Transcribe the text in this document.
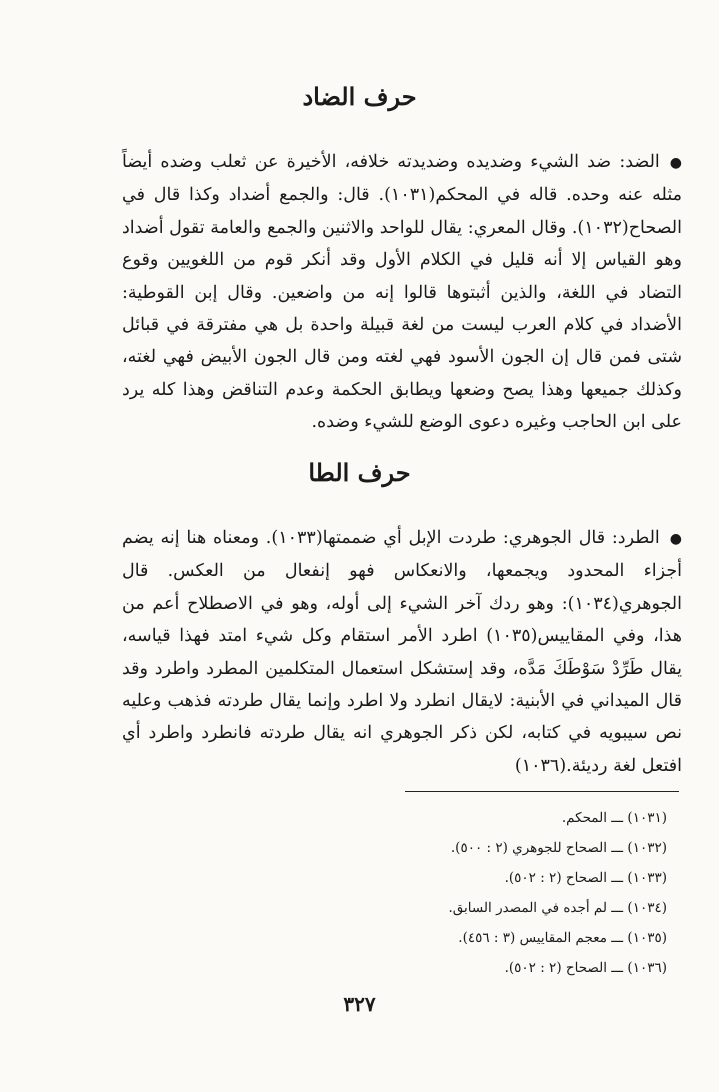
حرف الضاد
●الضد: ضد الشيء وضديده وضديدته خلافه، الأخيرة عن ثعلب وضده أيضاً مثله عنه وحده. قاله في المحكم(١٠٣١). قال: والجمع أضداد وكذا قال في الصحاح(١٠٣٢). وقال المعري: يقال للواحد والاثنين والجمع والعامة تقول أضداد وهو القياس إلا أنه قليل في الكلام الأول وقد أنكر قوم من اللغويين وقوع التضاد في اللغة، والذين أثبتوها قالوا إنه من واضعين. وقال إبن القوطية: الأضداد في كلام العرب ليست من لغة قبيلة واحدة بل هي مفترقة في قبائل شتى فمن قال إن الجون الأسود فهي لغته ومن قال الجون الأبيض فهي لغته، وكذلك جميعها وهذا يصح وضعها ويطابق الحكمة وعدم التناقض وهذا كله يرد على ابن الحاجب وغيره دعوى الوضع للشيء وضده.
حرف الطا
●الطرد: قال الجوهري: طردت الإبل أي ضممتها(١٠٣٣). ومعناه هنا إنه يضم أجزاء المحدود ويجمعها، والانعكاس فهو إنفعال من العكس. قال الجوهري(١٠٣٤): وهو ردك آخر الشيء إلى أوله، وهو في الاصطلاح أعم من هذا، وفي المقاييس(١٠٣٥) اطرد الأمر استقام وكل شيء امتد فهذا قياسه، يقال طَرِّدْ سَوْطَكَ مَدَّه، وقد إستشكل استعمال المتكلمين المطرد واطرد وقد قال الميداني في الأبنية: لايقال انطرد ولا اطرد وإنما يقال طردته فذهب وعليه نص سيبويه في كتابه، لكن ذكر الجوهري انه يقال طردته فانطرد واطرد أي افتعل لغة رديئة.(١٠٣٦)
(١٠٣١) ـــ المحكم.
(١٠٣٢) ـــ الصحاح للجوهري (٢ : ٥٠٠).
(١٠٣٣) ـــ الصحاح (٢ : ٥٠٢).
(١٠٣٤) ـــ لم أجده في المصدر السابق.
(١٠٣٥) ـــ معجم المقاييس (٣ : ٤٥٦).
(١٠٣٦) ـــ الصحاح (٢ : ٥٠٢).
٣٢٧
